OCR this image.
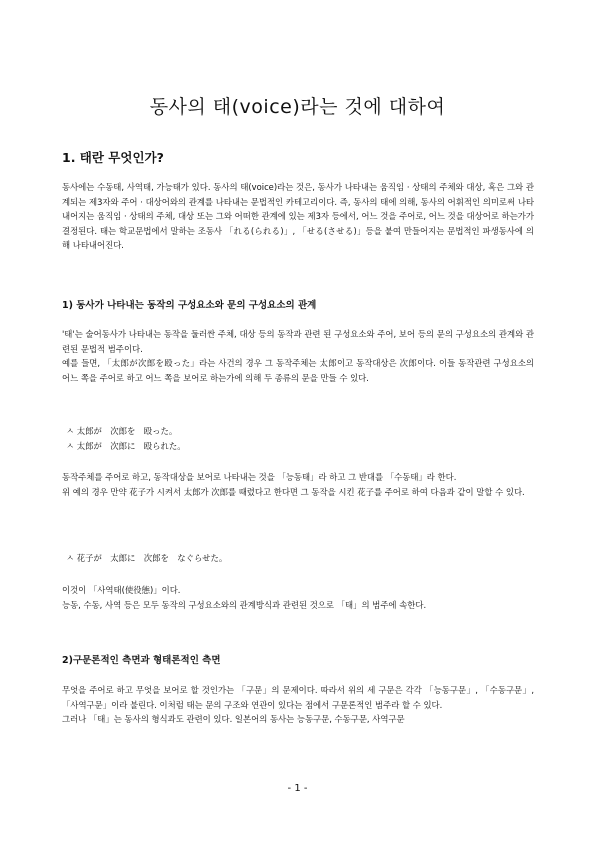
동사의 태(voice)라는 것에 대하여
1. 태란 무엇인가?

동사에는 수동태, 사역태, 가능태가 있다. 동사의 태(voice)라는 것은, 동사가 나타내는 움직임 · 상태의 주체와 대상, 혹은 그와 관계되는 제3자와 주어 · 대상어와의 관계를 나타내는 문법적인 카테고리이다. 즉, 동사의 태에 의해, 동사의 어휘적인 의미로써 나타내어지는 움직임 · 상태의 주체, 대상 또는 그와 어떠한 관계에 있는 제3자 등에서, 어느 것을 주어로, 어느 것을 대상어로 하는가가 결정된다. 태는 학교문법에서 말하는 조동사 「れる(られる)」, 「せる(させる)」등을 붙여 만들어지는 문법적인 파생동사에 의해 나타내어진다.

1) 동사가 나타내는 동작의 구성요소와 문의 구성요소의 관계

'태'는 술어동사가 나타내는 동작을 둘러싼 주체, 대상 등의 동작과 관련 된 구성요소와 주어, 보어 등의 문의 구성요소의 관계와 관련된 문법적 범주이다.

예를 들면, 「太郎が次郎を殴った」라는 사건의 경우 그 동작주체는 太郎이고 동작대상은 次郎이다. 이들 동작관련 구성요소의 어느 쪽을 주어로 하고 어느 쪽을 보어로 하는가에 의해 두 종류의 문을 만들 수 있다.

ㅅ 太郎が　次郎を　殴った。
ㅅ 太郎が　次郎に　殴られた。

동작주체를 주어로 하고, 동작대상을 보어로 나타내는 것을 「능동태」라 하고 그 반대를 「수동태」라 한다.

위 예의 경우 만약 花子가 시켜서 太郎가 次郎를 때렸다고 한다면 그 동작을 시킨 花子를 주어로 하여 다음과 같이 말할 수 있다.

ㅅ 花子が　太郎に　次郎を　なぐらせた。

이것이 「사역태(使役態)」이다.

능동, 수동, 사역 등은 모두 동작의 구성요소와의 관계방식과 관련된 것으로 「태」의 범주에 속한다.

2)구문론적인 측면과 형태론적인 측면

무엇을 주어로 하고 무엇을 보어로 할 것인가는 「구문」의 문제이다. 따라서 위의 세 구문은 각각 「능동구문」, 「수동구문」, 「사역구문」이라 불린다. 이처럼 태는 문의 구조와 연관이 있다는 점에서 구문론적인 범주라 할 수 있다.

그러나 「태」는 동사의 형식과도 관련이 있다. 일본어의 동사는 능동구문, 수동구문, 사역구문

- 1 -
